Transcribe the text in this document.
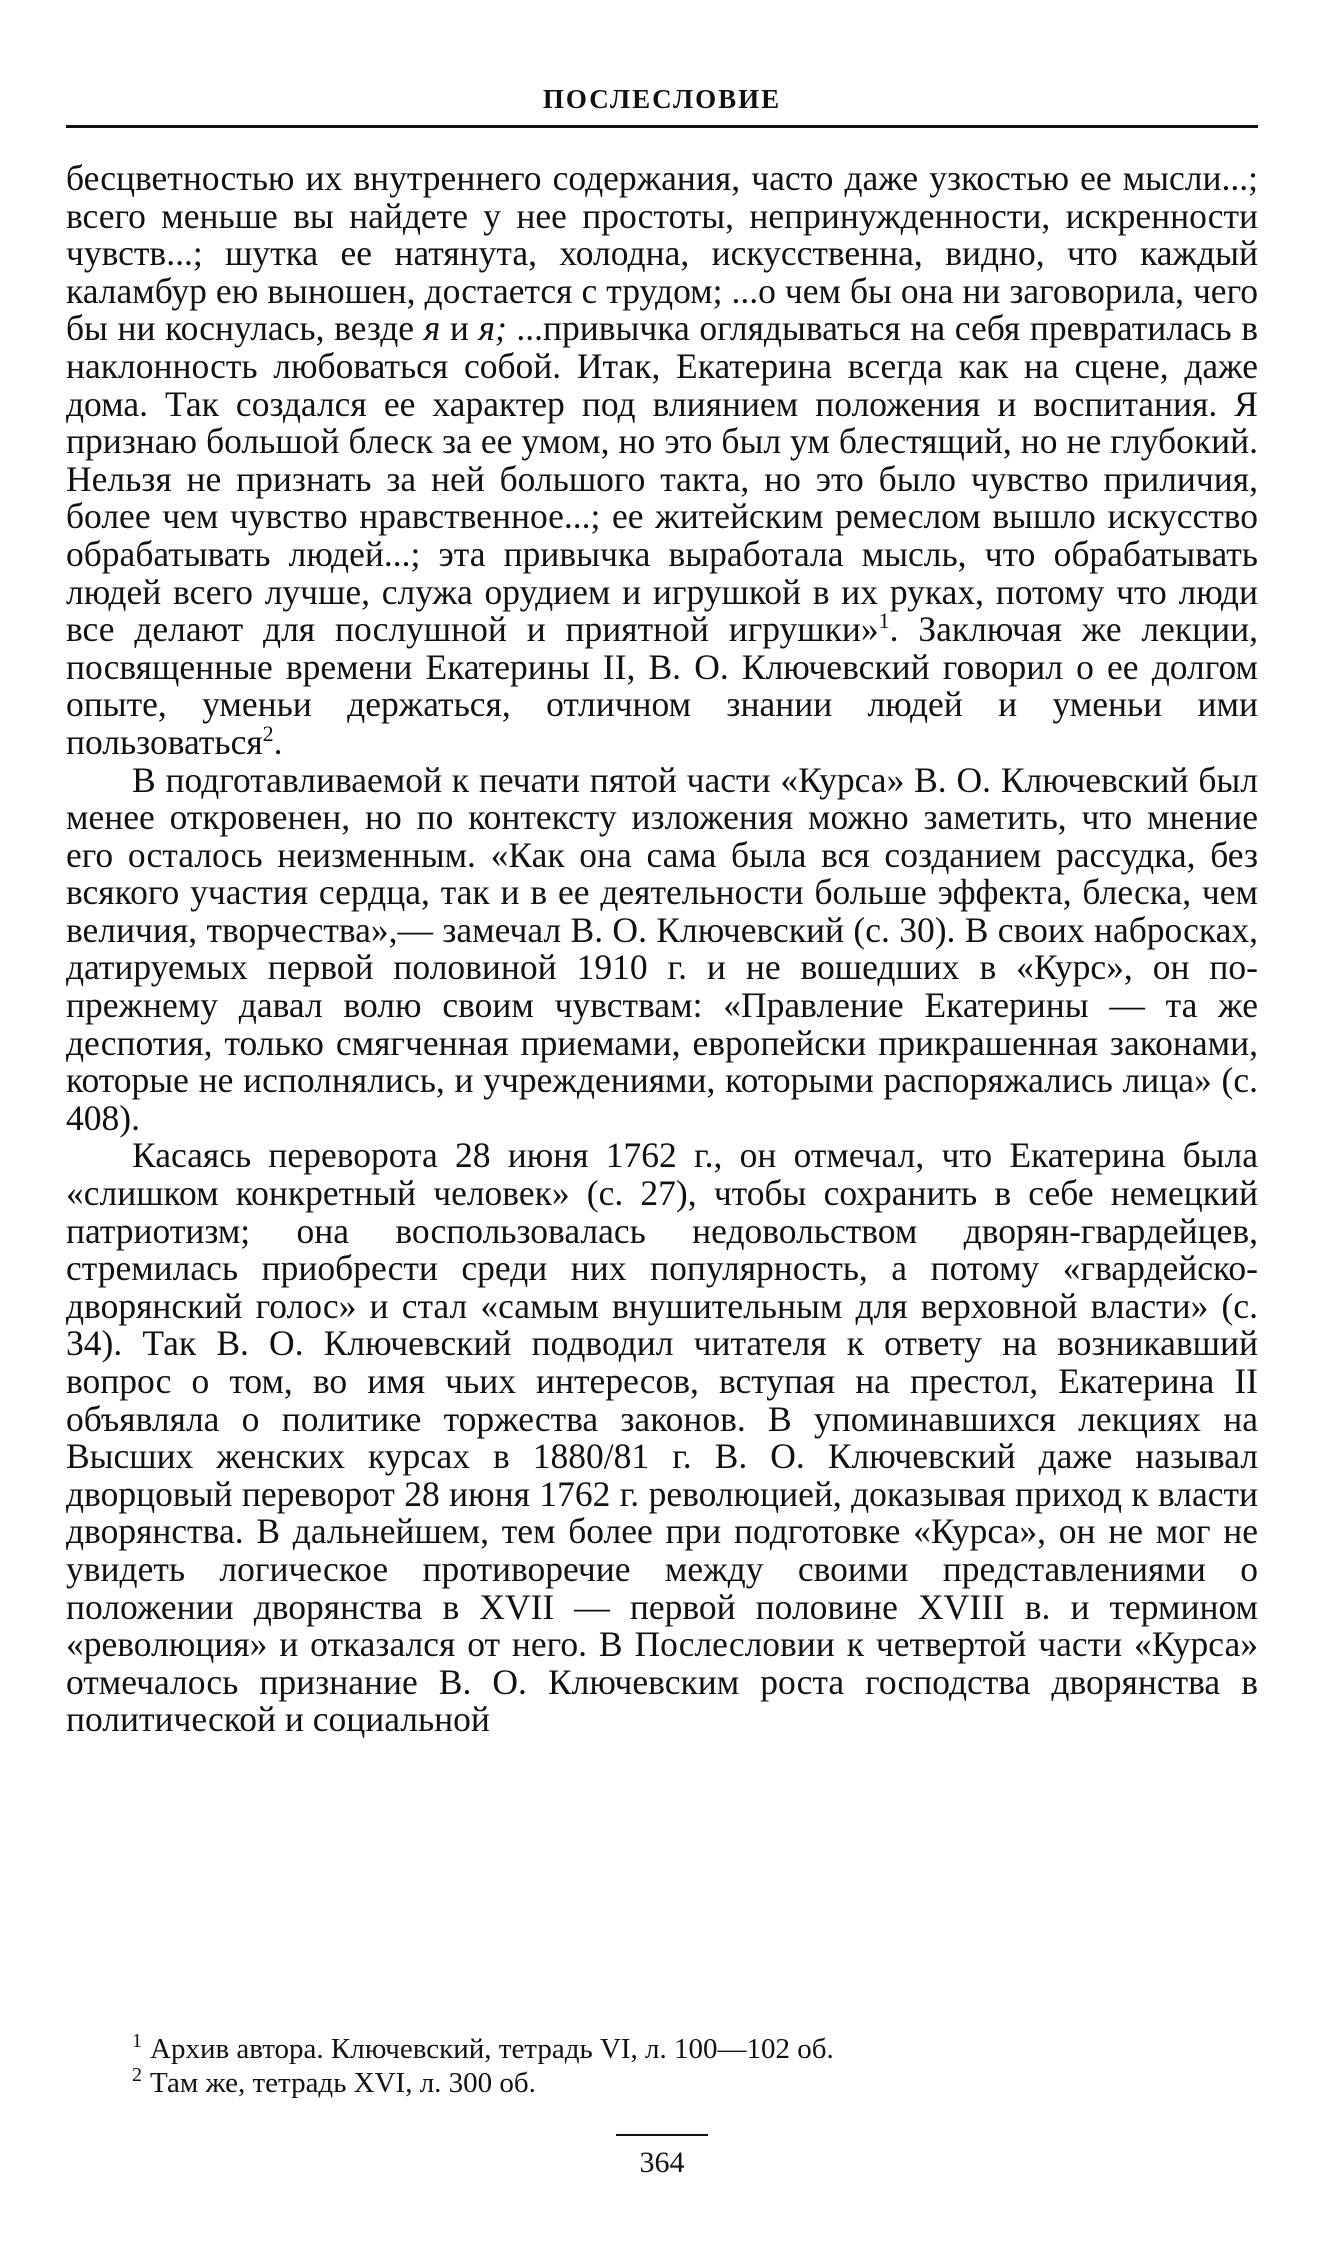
ПОСЛЕСЛОВИЕ

бесцветностью их внутреннего содержания, часто даже узкостью ее мысли...; всего меньше вы найдете у нее простоты, непринужденности, искренности чувств...; шутка ее натянута, холодна, искусственна, видно, что каждый каламбур ею выношен, достается с трудом; ...о чем бы она ни заговорила, чего бы ни коснулась, везде я и я; ...привычка оглядываться на себя превратилась в наклонность любоваться собой. Итак, Екатерина всегда как на сцене, даже дома. Так создался ее характер под влиянием положения и воспитания. Я признаю большой блеск за ее умом, но это был ум блестящий, но не глубокий. Нельзя не признать за ней большого такта, но это было чувство приличия, более чем чувство нравственное...; ее житейским ремеслом вышло искусство обрабатывать людей...; эта привычка выработала мысль, что обрабатывать людей всего лучше, служа орудием и игрушкой в их руках, потому что люди все делают для послушной и приятной игрушки»$^1$. Заключая же лекции, посвященные времени Екатерины II, В. О. Ключевский говорил о ее долгом опыте, уменьи держаться, отличном знании людей и уменьи ими пользоваться$^2$.

В подготавливаемой к печати пятой части «Курса» В. О. Ключевский был менее откровенен, но по контексту изложения можно заметить, что мнение его осталось неизменным. «Как она сама была вся созданием рассудка, без всякого участия сердца, так и в ее деятельности больше эффекта, блеска, чем величия, творчества»,— замечал В. О. Ключевский (с. 30). В своих набросках, датируемых первой половиной 1910 г. и не вошедших в «Курс», он по-прежнему давал волю своим чувствам: «Правление Екатерины — та же деспотия, только смягченная приемами, европейски прикрашенная законами, которые не исполнялись, и учреждениями, которыми распоряжались лица» (с. 408).

Касаясь переворота 28 июня 1762 г., он отмечал, что Екатерина была «слишком конкретный человек» (с. 27), чтобы сохранить в себе немецкий патриотизм; она воспользовалась недовольством дворян-гвардейцев, стремилась приобрести среди них популярность, а потому «гвардейско-дворянский голос» и стал «самым внушительным для верховной власти» (с. 34). Так В. О. Ключевский подводил читателя к ответу на возникавший вопрос о том, во имя чьих интересов, вступая на престол, Екатерина II объявляла о политике торжества законов. В упоминавшихся лекциях на Высших женских курсах в 1880/81 г. В. О. Ключевский даже называл дворцовый переворот 28 июня 1762 г. революцией, доказывая приход к власти дворянства. В дальнейшем, тем более при подготовке «Курса», он не мог не увидеть логическое противоречие между своими представлениями о положении дворянства в XVII — первой половине XVIII в. и термином «революция» и отказался от него. В Послесловии к четвертой части «Курса» отмечалось признание В. О. Ключевским роста господства дворянства в политической и социальной

$^1$ Архив автора. Ключевский, тетрадь VI, л. 100—102 об.

$^2$ Там же, тетрадь XVI, л. 300 об.

364
